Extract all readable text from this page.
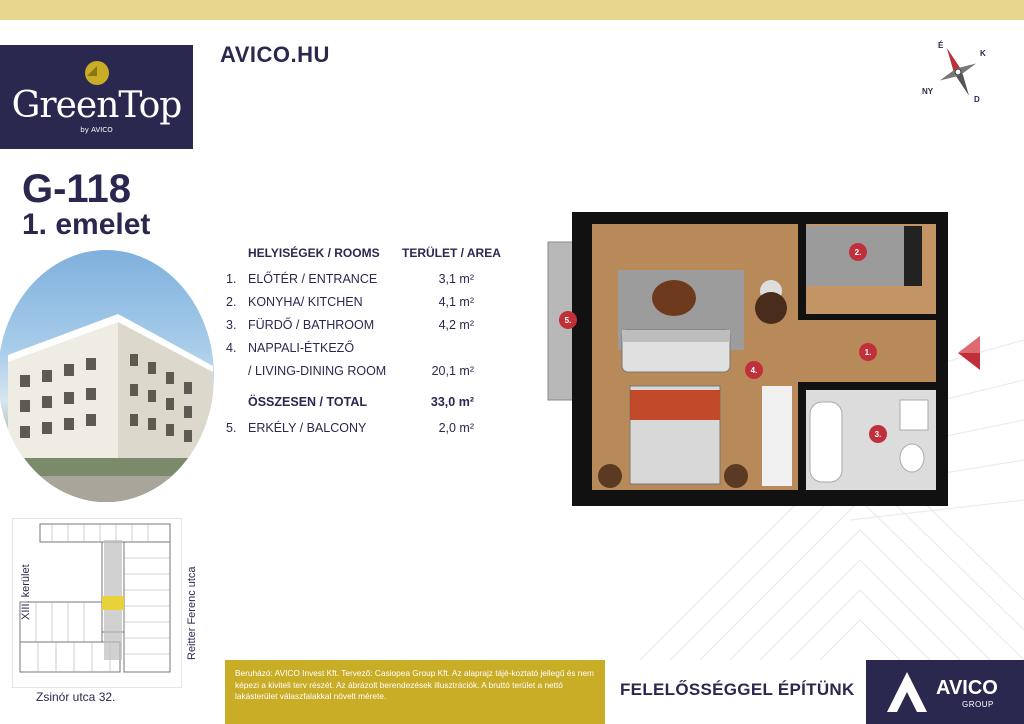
GreenTop
by AVICO
AVICO.HU	É
K
D
NY
G-118
1. emelet
HELYISÉGEK / ROOMS TERÜLET / AREA
1. ELŐTÉR / ENTRANCE	3,1 m²
2. KONYHA/ KITCHEN	4,1 m²
3. FÜRDŐ / BATHROOM	4,2 m²
4. NAPPALI-ÉTKEZŐ
/ LIVING-DINING ROOM	20,1 m²
ÖSSZESEN / TOTAL	33,0 m²
5. ERKÉLY / BALCONY	2,0 m²
2.
1.
3.
4.
5.
XIII. kerület	Reitter Ferenc utca
Zsinór utca 32.
Beruházó: AVICO Invest Kft. Tervező: Casiopea Group Kft. Az alaprajz tájé-koztató jellegű és nem képezi a kiviteli terv részét. Az ábrázolt berendezések illusztrációk. A bruttó terület a nettó lakásterület válaszfalakkal növelt mérete.	FELELŐSSÉGGEL ÉPÍTÜNK	AVICO
GROUP
